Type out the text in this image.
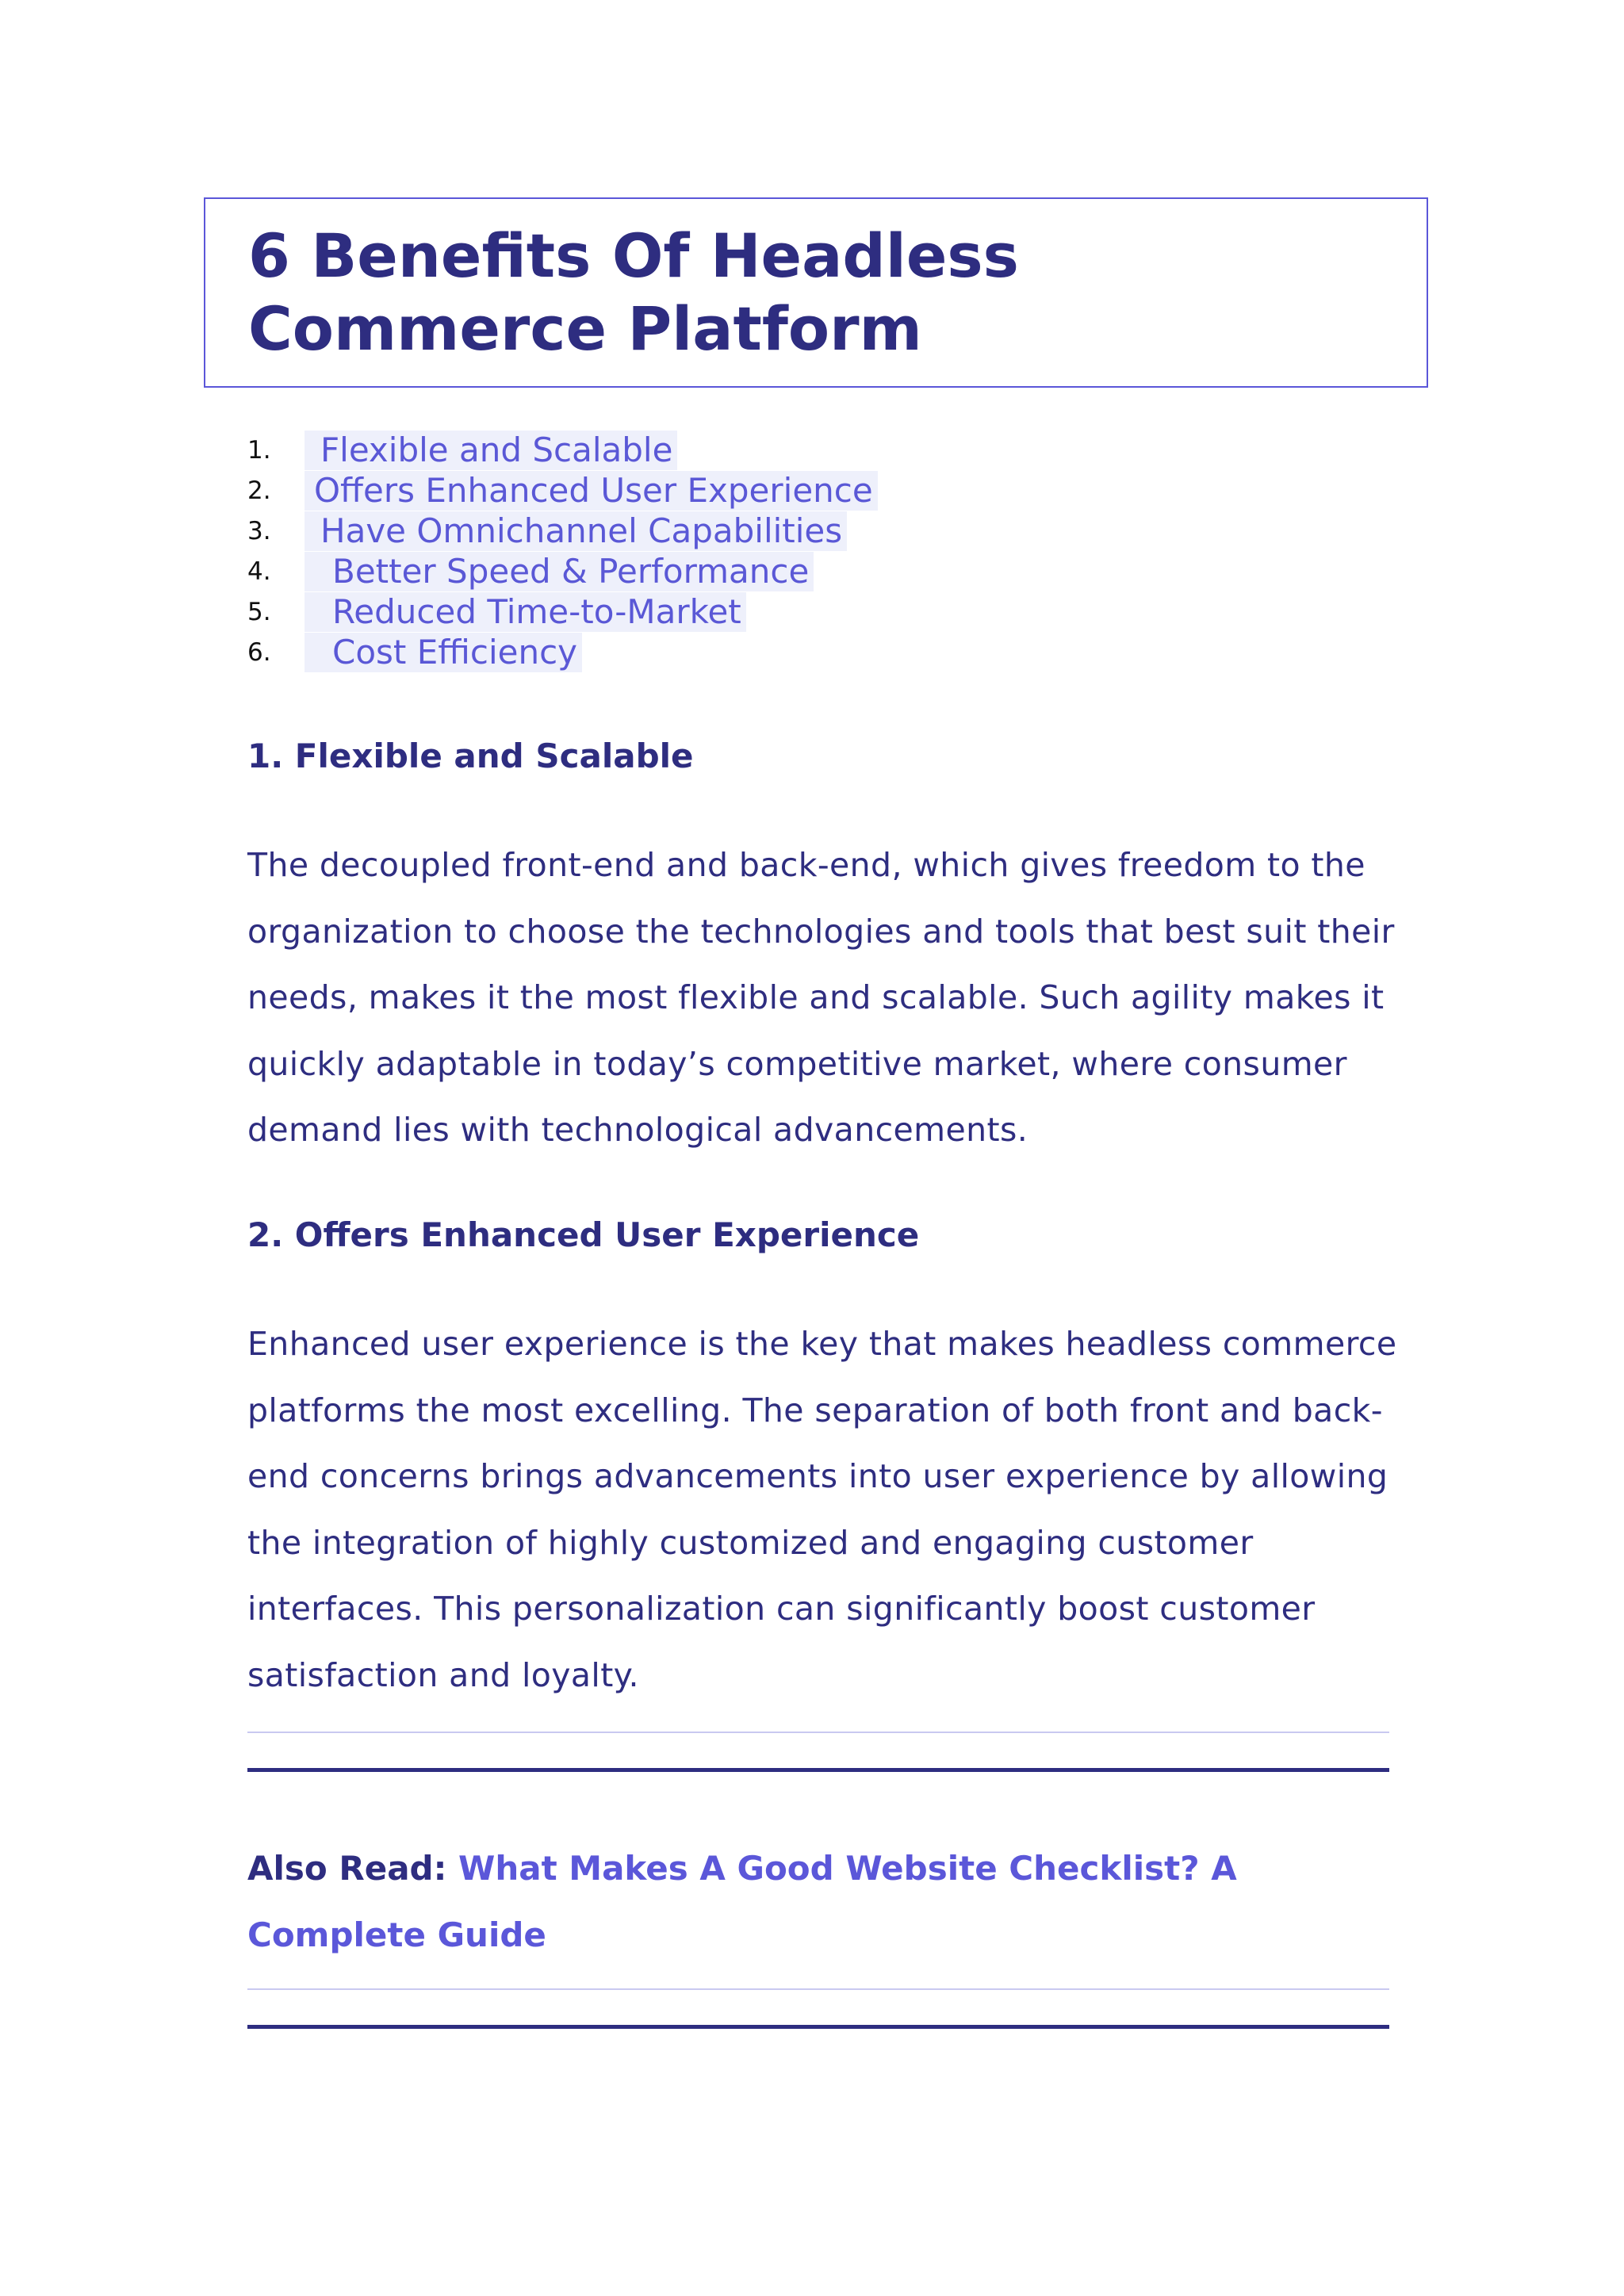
6 Benefits Of Headless
Commerce Platform
1.	Flexible and Scalable
2.	Offers Enhanced User Experience
3.	Have Omnichannel Capabilities
4.	Better Speed & Performance
5.	Reduced Time-to-Market
6.	Cost Efficiency
1. Flexible and Scalable

The decoupled front-end and back-end, which gives freedom to the organization to choose the technologies and tools that best suit their needs, makes it the most flexible and scalable. Such agility makes it quickly adaptable in today’s competitive market, where consumer demand lies with technological advancements.

2. Offers Enhanced User Experience

Enhanced user experience is the key that makes headless commerce platforms the most excelling. The separation of both front and back-end concerns brings advancements into user experience by allowing the integration of highly customized and engaging customer interfaces. This personalization can significantly boost customer satisfaction and loyalty.

Also Read: What Makes A Good Website Checklist? A Complete Guide
